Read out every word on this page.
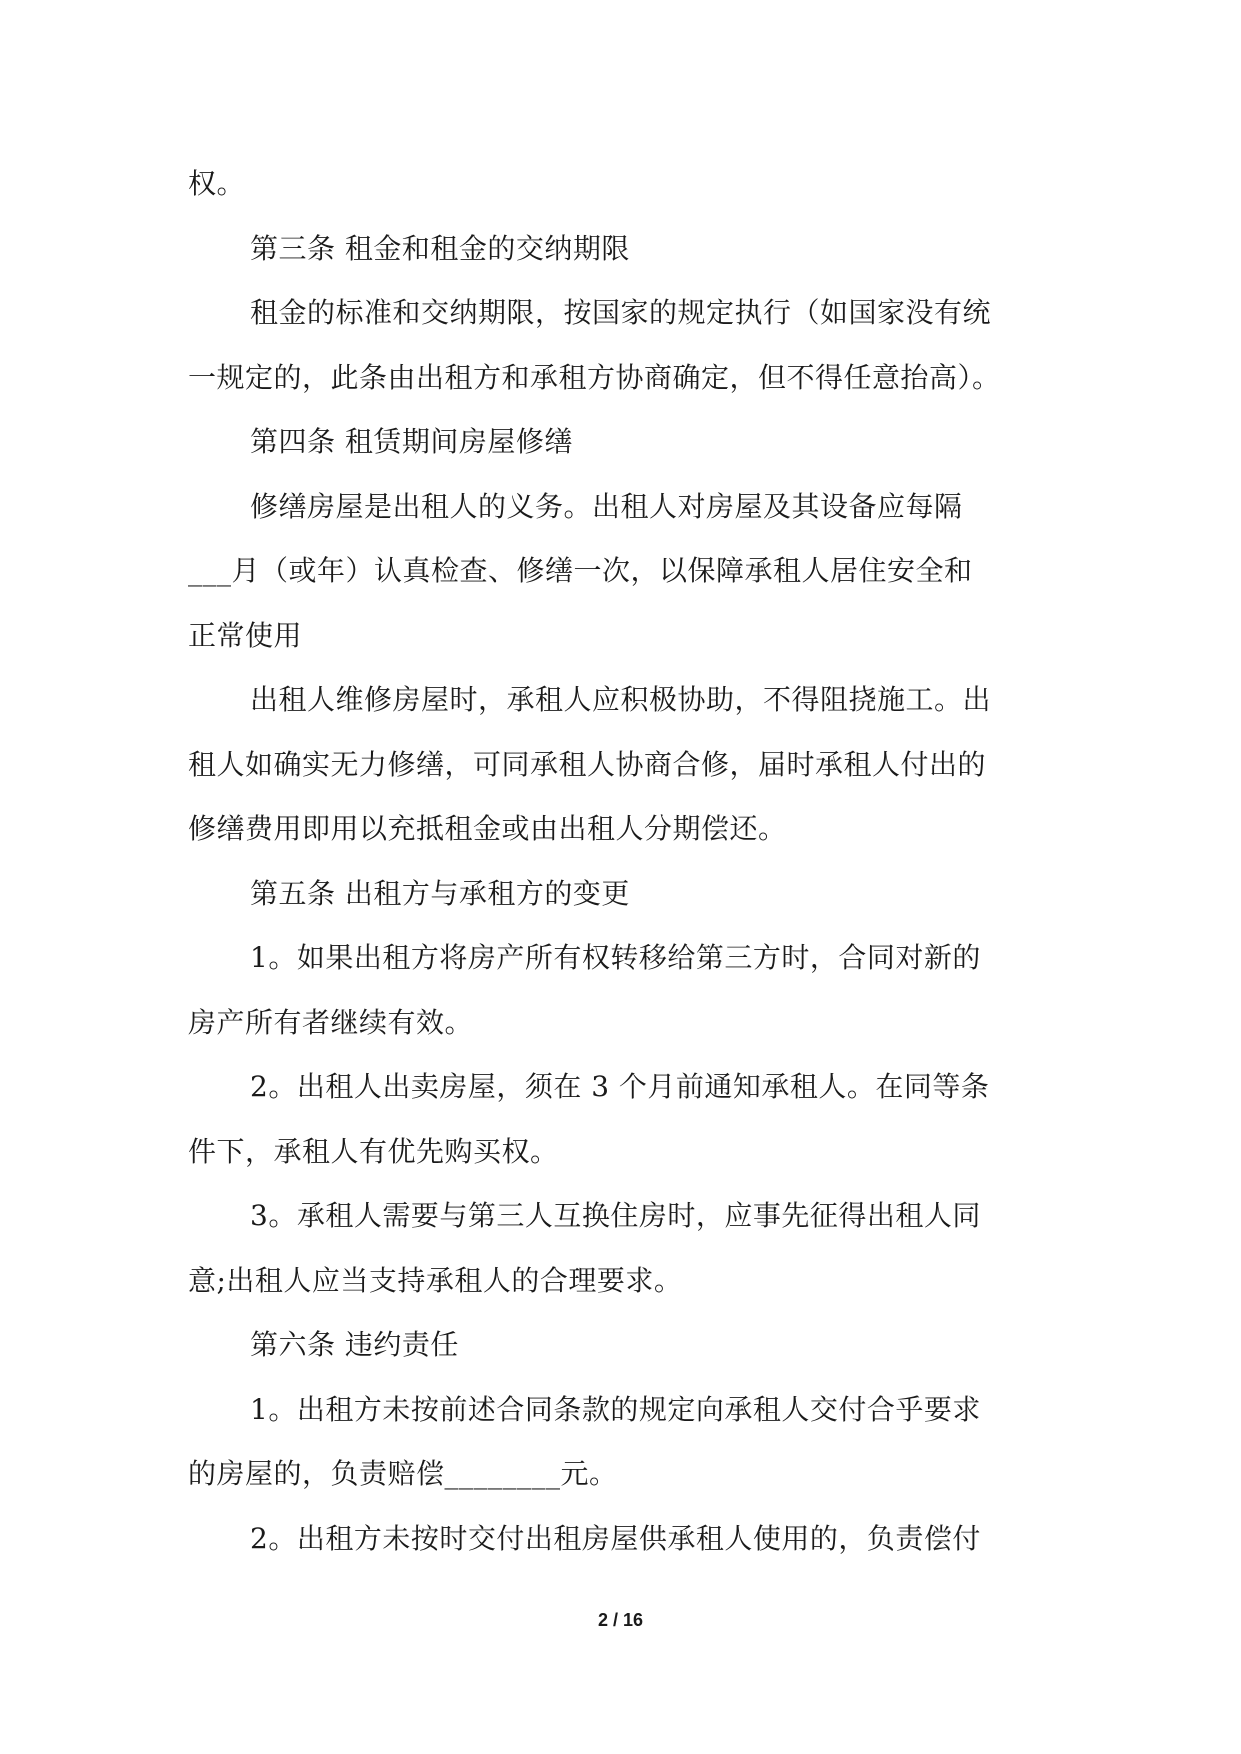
权。
第三条 租金和租金的交纳期限
租金的标准和交纳期限，按国家的规定执行（如国家没有统
一规定的，此条由出租方和承租方协商确定，但不得任意抬高）。
第四条 租赁期间房屋修缮
修缮房屋是出租人的义务。出租人对房屋及其设备应每隔
___月（或年）认真检查、修缮一次，以保障承租人居住安全和
正常使用
出租人维修房屋时，承租人应积极协助，不得阻挠施工。出
租人如确实无力修缮，可同承租人协商合修，届时承租人付出的
修缮费用即用以充抵租金或由出租人分期偿还。
第五条 出租方与承租方的变更
1。如果出租方将房产所有权转移给第三方时，合同对新的
房产所有者继续有效。
2。出租人出卖房屋，须在 3 个月前通知承租人。在同等条
件下，承租人有优先购买权。
3。承租人需要与第三人互换住房时，应事先征得出租人同
意;出租人应当支持承租人的合理要求。
第六条 违约责任
1。出租方未按前述合同条款的规定向承租人交付合乎要求
的房屋的，负责赔偿________元。
2。出租方未按时交付出租房屋供承租人使用的，负责偿付
2 / 16
